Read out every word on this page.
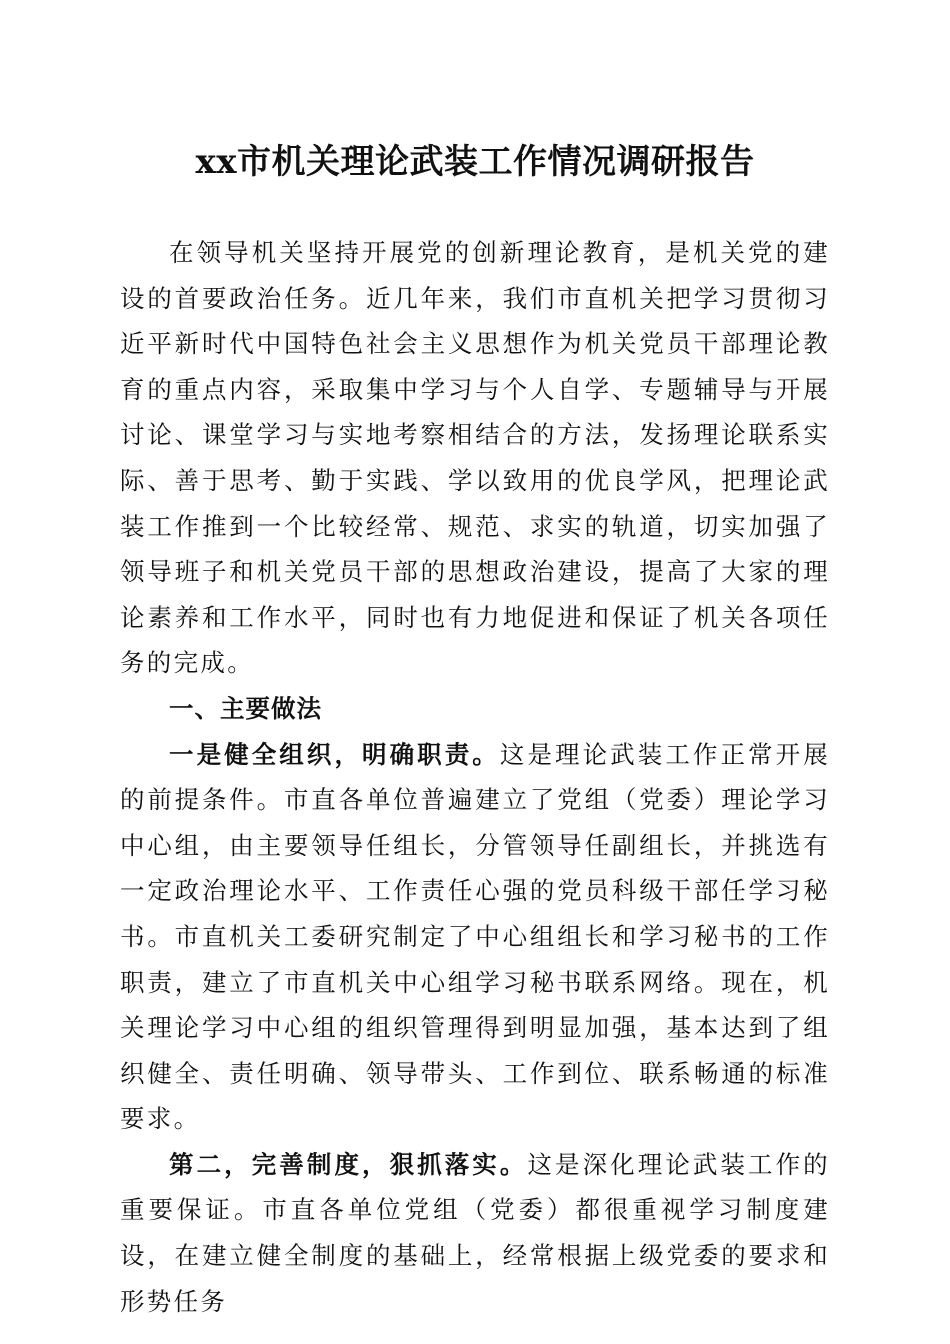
xx市机关理论武装工作情况调研报告

在领导机关坚持开展党的创新理论教育，是机关党的建设的首要政治任务。近几年来，我们市直机关把学习贯彻习近平新时代中国特色社会主义思想作为机关党员干部理论教育的重点内容，采取集中学习与个人自学、专题辅导与开展讨论、课堂学习与实地考察相结合的方法，发扬理论联系实际、善于思考、勤于实践、学以致用的优良学风，把理论武装工作推到一个比较经常、规范、求实的轨道，切实加强了领导班子和机关党员干部的思想政治建设，提高了大家的理论素养和工作水平，同时也有力地促进和保证了机关各项任务的完成。

一、主要做法

一是健全组织，明确职责。这是理论武装工作正常开展的前提条件。市直各单位普遍建立了党组（党委）理论学习中心组，由主要领导任组长，分管领导任副组长，并挑选有一定政治理论水平、工作责任心强的党员科级干部任学习秘书。市直机关工委研究制定了中心组组长和学习秘书的工作职责，建立了市直机关中心组学习秘书联系网络。现在，机关理论学习中心组的组织管理得到明显加强，基本达到了组织健全、责任明确、领导带头、工作到位、联系畅通的标准要求。

第二，完善制度，狠抓落实。这是深化理论武装工作的重要保证。市直各单位党组（党委）都很重视学习制度建设，在建立健全制度的基础上，经常根据上级党委的要求和形势任务
